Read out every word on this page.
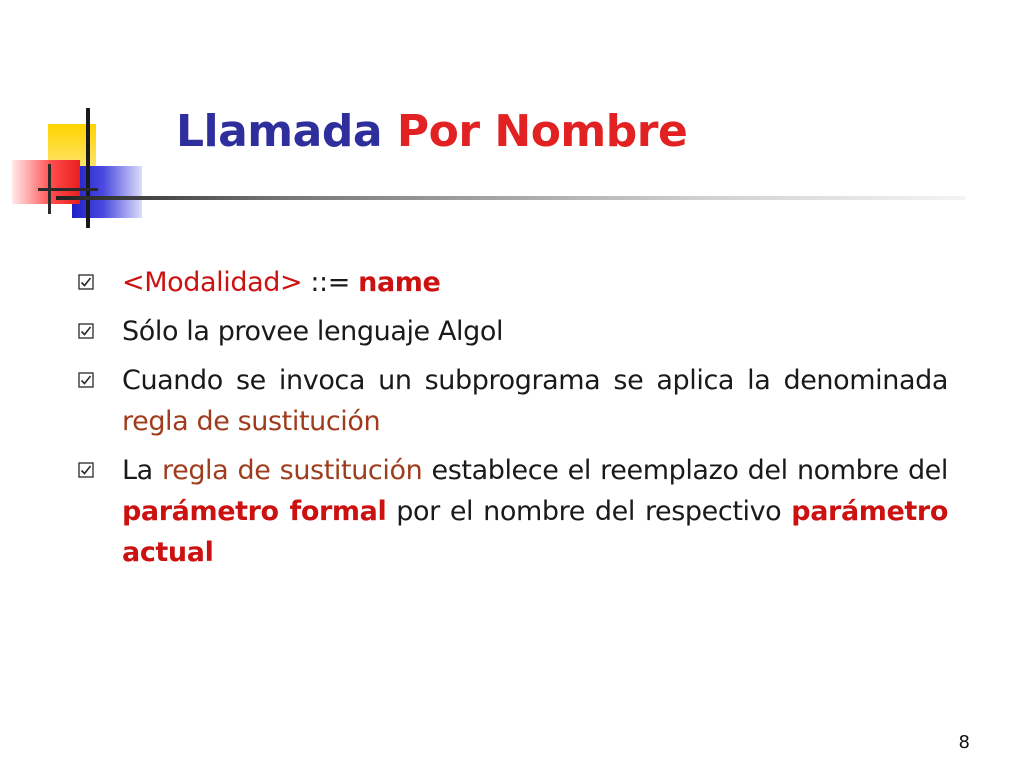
Llamada Por Nombre
<Modalidad> ::= name
Sólo la provee lenguaje Algol
Cuando se invoca un subprograma se aplica la denominada regla de sustitución
La regla de sustitución establece el reemplazo del nombre del parámetro formal por el nombre del respectivo parámetro actual
8
